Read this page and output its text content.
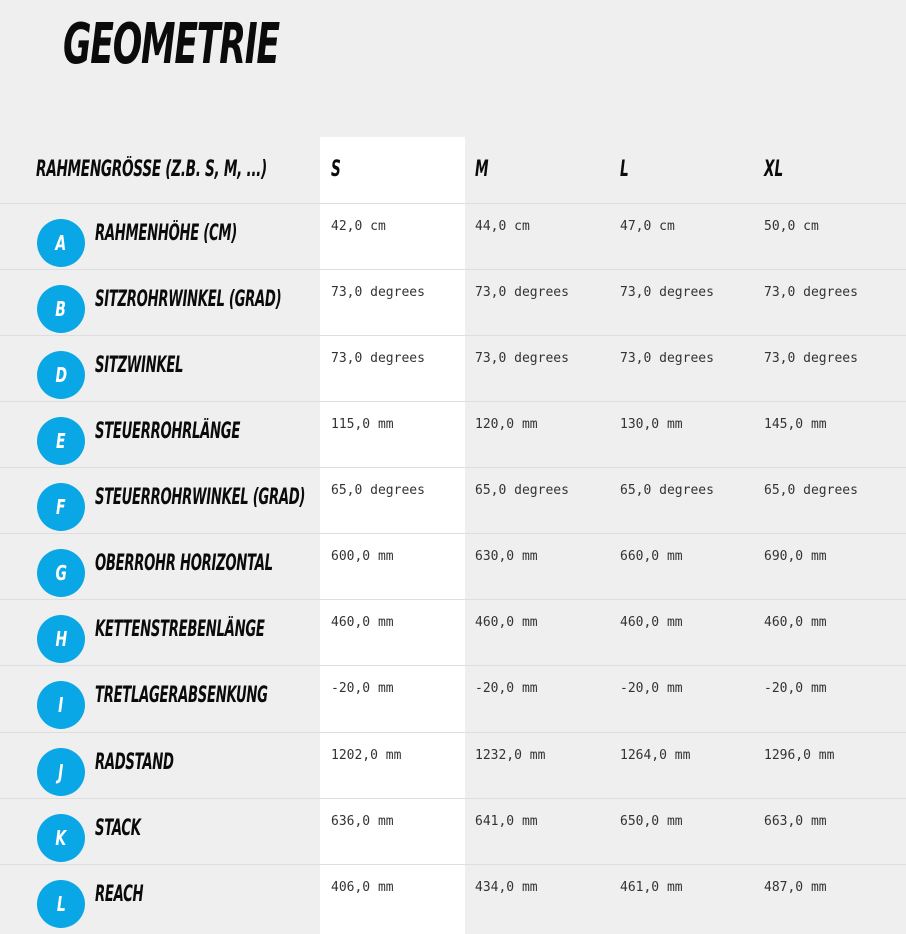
GEOMETRIE
RAHMENGRÖSSE (Z.B. S, M, ...)	S	M	L	XL
A RAHMENHÖHE (CM)	42,0 cm	44,0 cm	47,0 cm	50,0 cm
B SITZROHRWINKEL (GRAD)	73,0 degrees	73,0 degrees	73,0 degrees	73,0 degrees
D SITZWINKEL	73,0 degrees	73,0 degrees	73,0 degrees	73,0 degrees
E STEUERROHRLÄNGE	115,0 mm	120,0 mm	130,0 mm	145,0 mm
F STEUERROHRWINKEL (GRAD) 65,0 degrees	65,0 degrees	65,0 degrees	65,0 degrees
G OBERROHR HORIZONTAL	600,0 mm	630,0 mm	660,0 mm	690,0 mm
H KETTENSTREBENLÄNGE	460,0 mm	460,0 mm	460,0 mm	460,0 mm
I TRETLAGERABSENKUNG	-20,0 mm	-20,0 mm	-20,0 mm	-20,0 mm
J RADSTAND	1202,0 mm	1232,0 mm	1264,0 mm	1296,0 mm
K STACK	636,0 mm	641,0 mm	650,0 mm	663,0 mm
L REACH	406,0 mm	434,0 mm	461,0 mm	487,0 mm
